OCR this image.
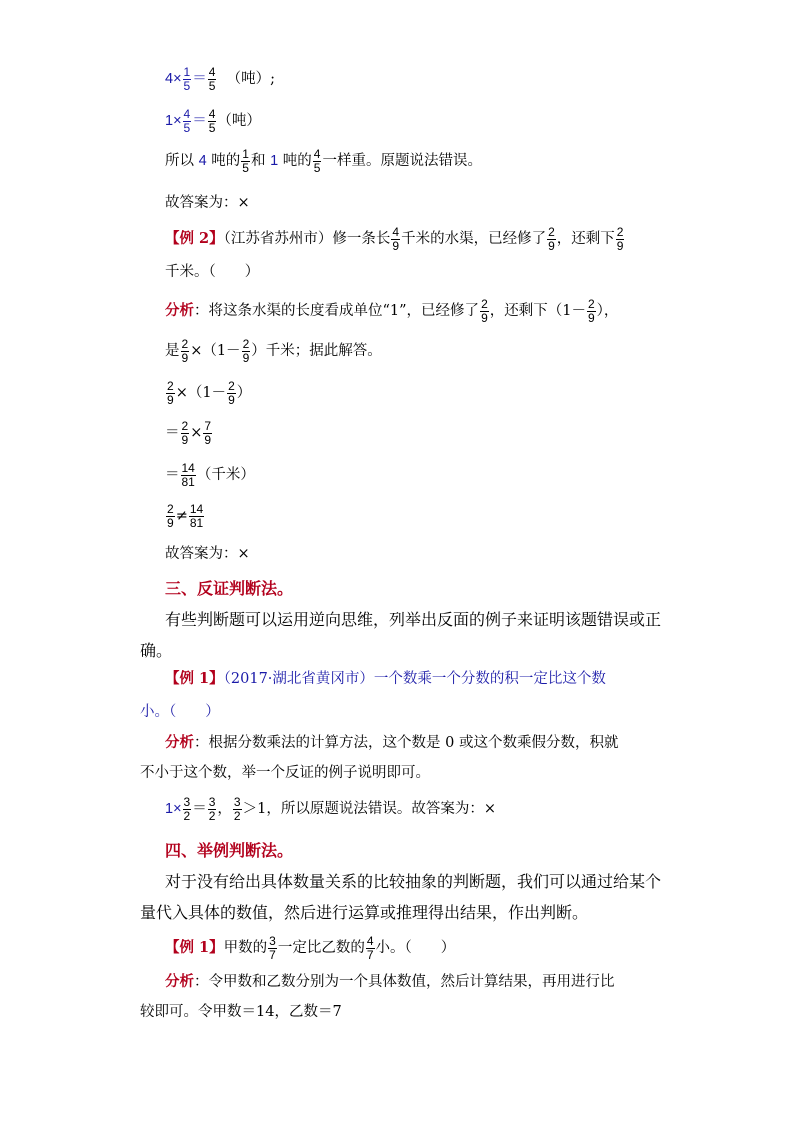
$4\times \frac{1}{5} = \frac{4}{5}$ （吨）;
$1\times \frac{4}{5} = \frac{4}{5}$ （吨）
所以 4 吨的 $\frac{1}{5}$ 和 1 吨的 $\frac{4}{5}$ 一样重。原题说法错误。
故答案为：×
【例 2】（江苏省苏州市）修一条长 $\frac{4}{9}$ 千米的水渠，已经修了 $\frac{2}{9}$ ，还剩下 $\frac{2}{9}$
千米。（　　）
分析：将这条水渠的长度看成单位“1”，已经修了 $\frac{2}{9}$ ，还剩下（$1- \frac{2}{9}$ ），
是 $\frac{2}{9} \times(1- \frac{2}{9}$ ）千米；据此解答。
$\frac{2}{9} \times(1- \frac{2}{9}$ ）
＝ $\frac{2}{9} \times \frac{7}{9}$
＝ $\frac{14}{81}$ （千米）
$\frac{2}{9} \ne \frac{14}{81}$
故答案为：×
三、反证判断法。
有些判断题可以运用逆向思维，列举出反面的例子来证明该题错误或正
确。
【例 1】（2017·湖北省黄冈市）一个数乘一个分数的积一定比这个数
小。（　　）
分析：根据分数乘法的计算方法，这个数是 0 或这个数乘假分数，积就
不小于这个数，举一个反证的例子说明即可。
$1\times \frac{3}{2} = \frac{3}{2}$ ， $\frac{3}{2} >1$，所以原题说法错误。故答案为：×
四、举例判断法。
对于没有给出具体数量关系的比较抽象的判断题，我们可以通过给某个
量代入具体的数值，然后进行运算或推理得出结果，作出判断。
【例 1】甲数的 $\frac{3}{7}$ 一定比乙数的 $\frac{4}{7}$ 小。（　　）
分析：令甲数和乙数分别为一个具体数值，然后计算结果，再用进行比
较即可。令甲数＝14，乙数＝7
